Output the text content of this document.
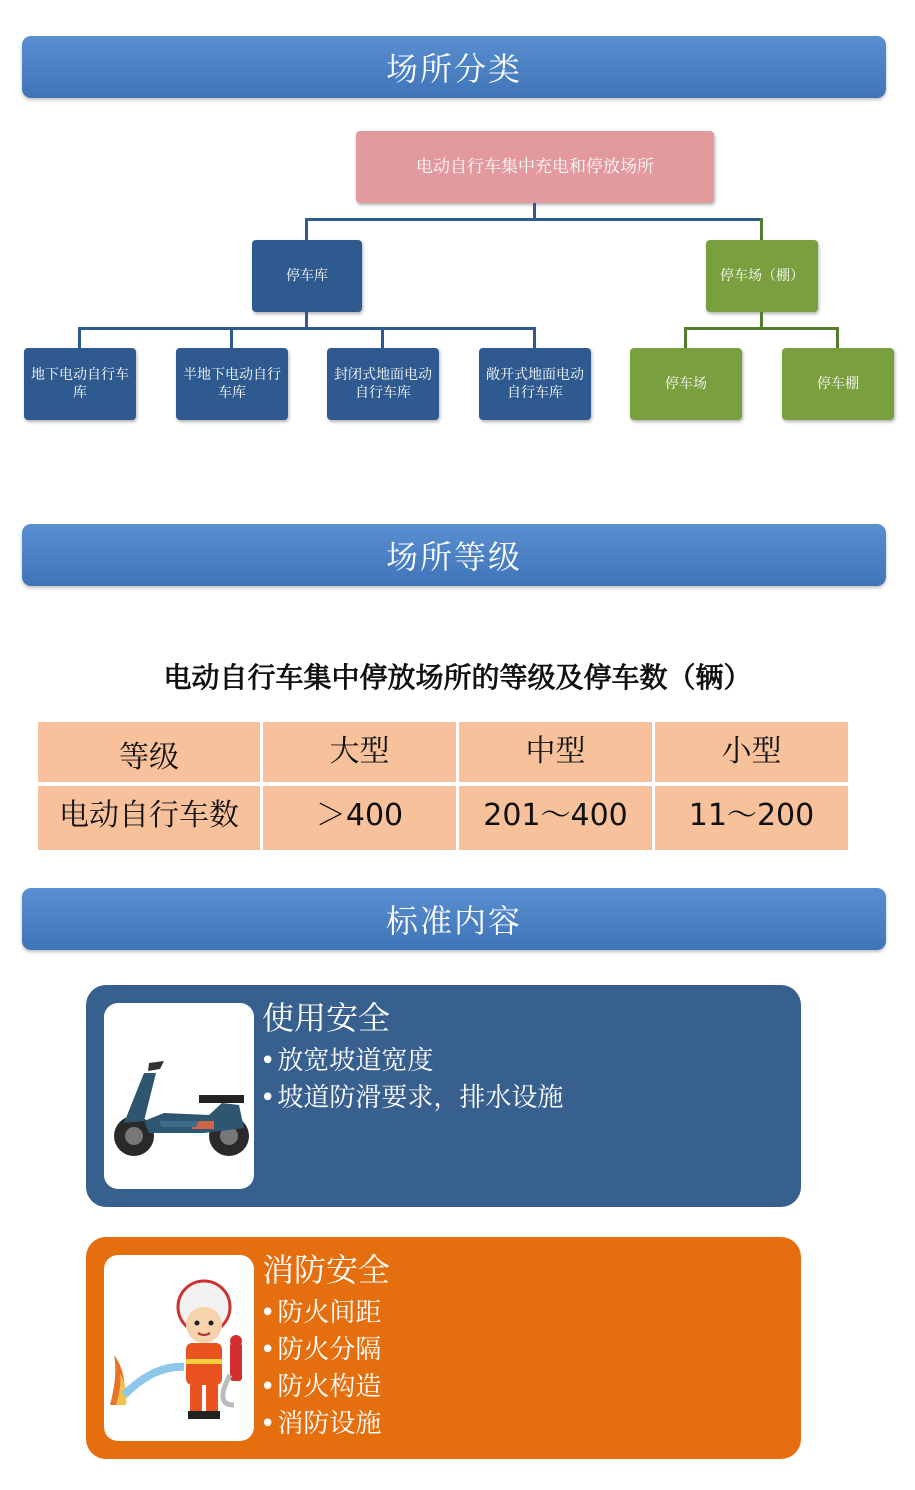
场所分类
电动自行车集中充电和停放场所
停车库	停车场（棚）
地下电动自行车库
半地下电动自行车库
封闭式地面电动自行车库
敞开式地面电动自行车库
停车场	停车棚
场所等级
电动自行车集中停放场所的等级及停车数（辆）
等级	大型	中型	小型
电动自行车数	＞400	201～400	11～200
标准内容
使用安全
• 放宽坡道宽度
• 坡道防滑要求，排水设施
消防安全
• 防火间距
• 防火分隔
• 防火构造
• 消防设施
